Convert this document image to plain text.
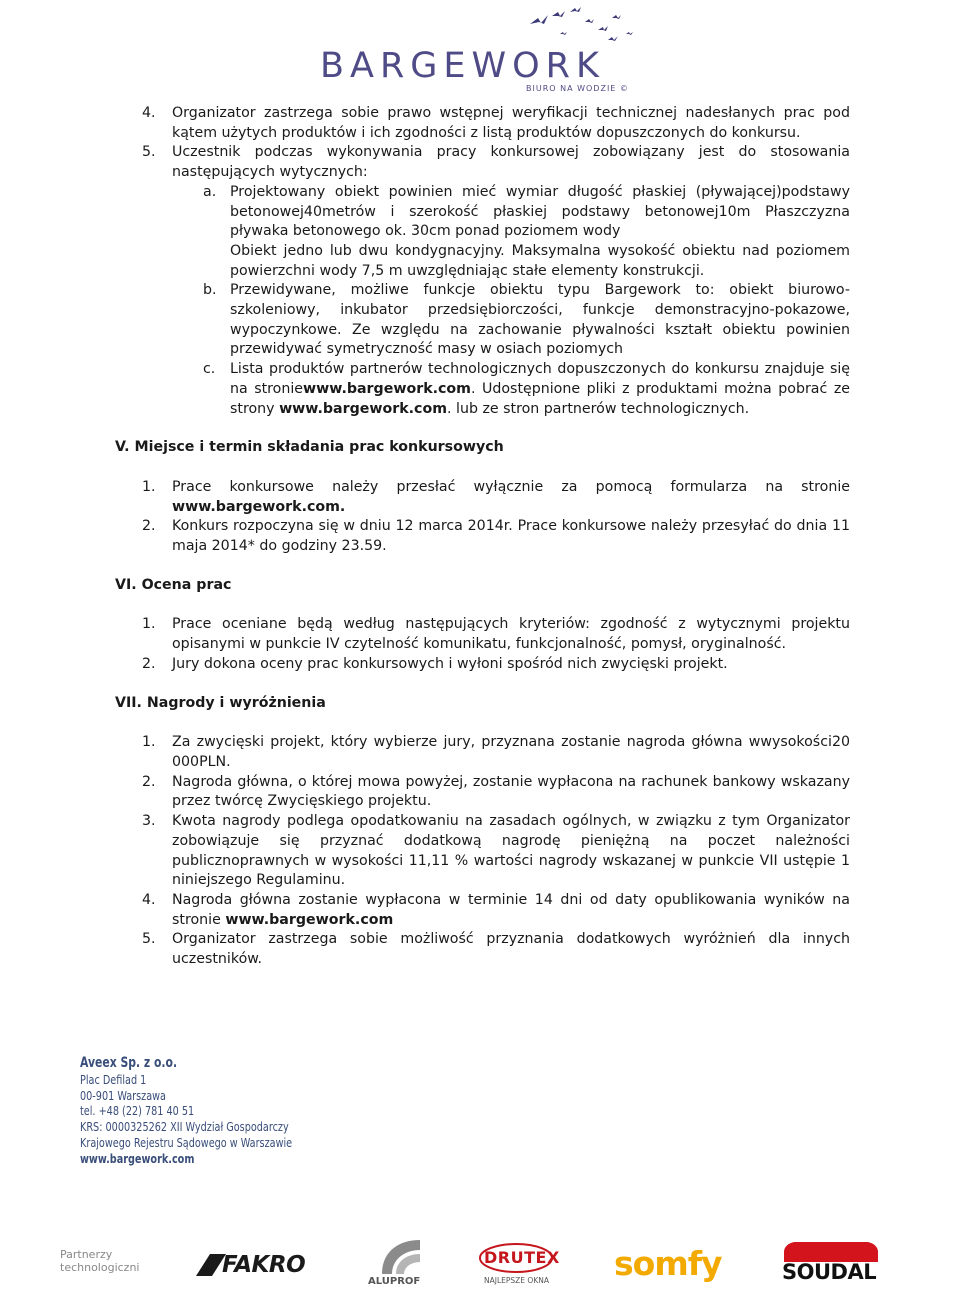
BARGEWORK
BIURO NA WODZIE ©
4. Organizator zastrzega sobie prawo wstępnej weryfikacji technicznej nadesłanych prac pod kątem użytych produktów i ich zgodności z listą produktów dopuszczonych do konkursu.
5. Uczestnik podczas wykonywania pracy konkursowej zobowiązany jest do stosowania następujących wytycznych:
a. Projektowany obiekt powinien mieć wymiar długość płaskiej (pływającej)podstawy betonowej40metrów i szerokość płaskiej podstawy betonowej10m Płaszczyzna pływaka betonowego ok. 30cm ponad poziomem wody
Obiekt jedno lub dwu kondygnacyjny. Maksymalna wysokość obiektu nad poziomem powierzchni wody 7,5 m uwzględniając stałe elementy konstrukcji.
b. Przewidywane, możliwe funkcje obiektu typu Bargework to: obiekt biurowo-szkoleniowy, inkubator przedsiębiorczości, funkcje demonstracyjno-pokazowe, wypoczynkowe. Ze względu na zachowanie pływalności kształt obiektu powinien przewidywać symetryczność masy w osiach poziomych
c. Lista produktów partnerów technologicznych dopuszczonych do konkursu znajduje się na stroniewww.bargework.com. Udostępnione pliki z produktami można pobrać ze strony www.bargework.com. lub ze stron partnerów technologicznych.
V. Miejsce i termin składania prac konkursowych
1. Prace konkursowe należy przesłać wyłącznie za pomocą formularza na stronie www.bargework.com.
2. Konkurs rozpoczyna się w dniu 12 marca 2014r. Prace konkursowe należy przesyłać do dnia 11 maja 2014* do godziny 23.59.
VI. Ocena prac
1. Prace oceniane będą według następujących kryteriów: zgodność z wytycznymi projektu opisanymi w punkcie IV czytelność komunikatu, funkcjonalność, pomysł, oryginalność.
2. Jury dokona oceny prac konkursowych i wyłoni spośród nich zwycięski projekt.
VII. Nagrody i wyróżnienia
1. Za zwycięski projekt, który wybierze jury, przyznana zostanie nagroda główna wwysokości20 000PLN.
2. Nagroda główna, o której mowa powyżej, zostanie wypłacona na rachunek bankowy wskazany przez twórcę Zwycięskiego projektu.
3. Kwota nagrody podlega opodatkowaniu na zasadach ogólnych, w związku z tym Organizator zobowiązuje się przyznać dodatkową nagrodę pieniężną na poczet należności publicznoprawnych w wysokości 11,11 % wartości nagrody wskazanej w punkcie VII ustępie 1 niniejszego Regulaminu.
4. Nagroda główna zostanie wypłacona w terminie 14 dni od daty opublikowania wyników na stronie www.bargework.com
5. Organizator zastrzega sobie możliwość przyznania dodatkowych wyróżnień dla innych uczestników.
Aveex Sp. z o.o.
Plac Defilad 1
00-901 Warszawa
tel. +48 (22) 781 40 51
KRS: 0000325262 XII Wydział Gospodarczy
Krajowego Rejestru Sądowego w Warszawie
www.bargework.com
Partnerzy
technologiczni	FAKRO
ALUPROF
DRUTEX
NAJLEPSZE OKNA somfy	SOUDAL
